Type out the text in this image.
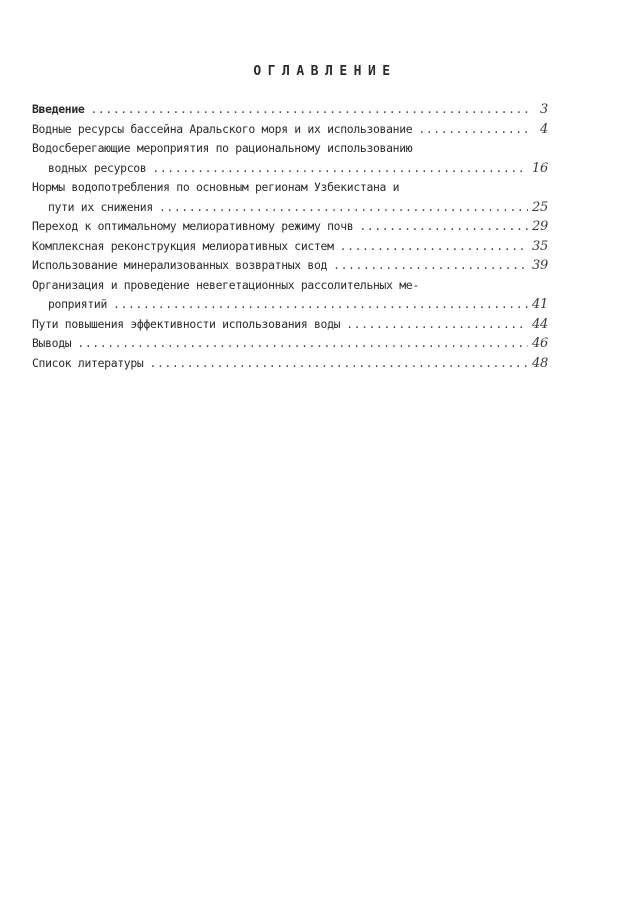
ОГЛАВЛЕНИЕ
Введение .....	3
Водные ресурсы бассейна Аральского моря и их использование .....	4
Водосберегающие мероприятия по рациональному использованию
водных ресурсов .....	16
Нормы водопотребления по основным регионам Узбекистана и
пути их снижения .....	25
Переход к оптимальному мелиоративному режиму почв .....	29
Комплексная реконструкция мелиоративных систем .....	35
Использование минерализованных возвратных вод .....	39
Организация и проведение невегетационных рассолительных ме-
роприятий .....	41
Пути повышения эффективности использования воды .....	44
Выводы .....	46
Список литературы .....	48
